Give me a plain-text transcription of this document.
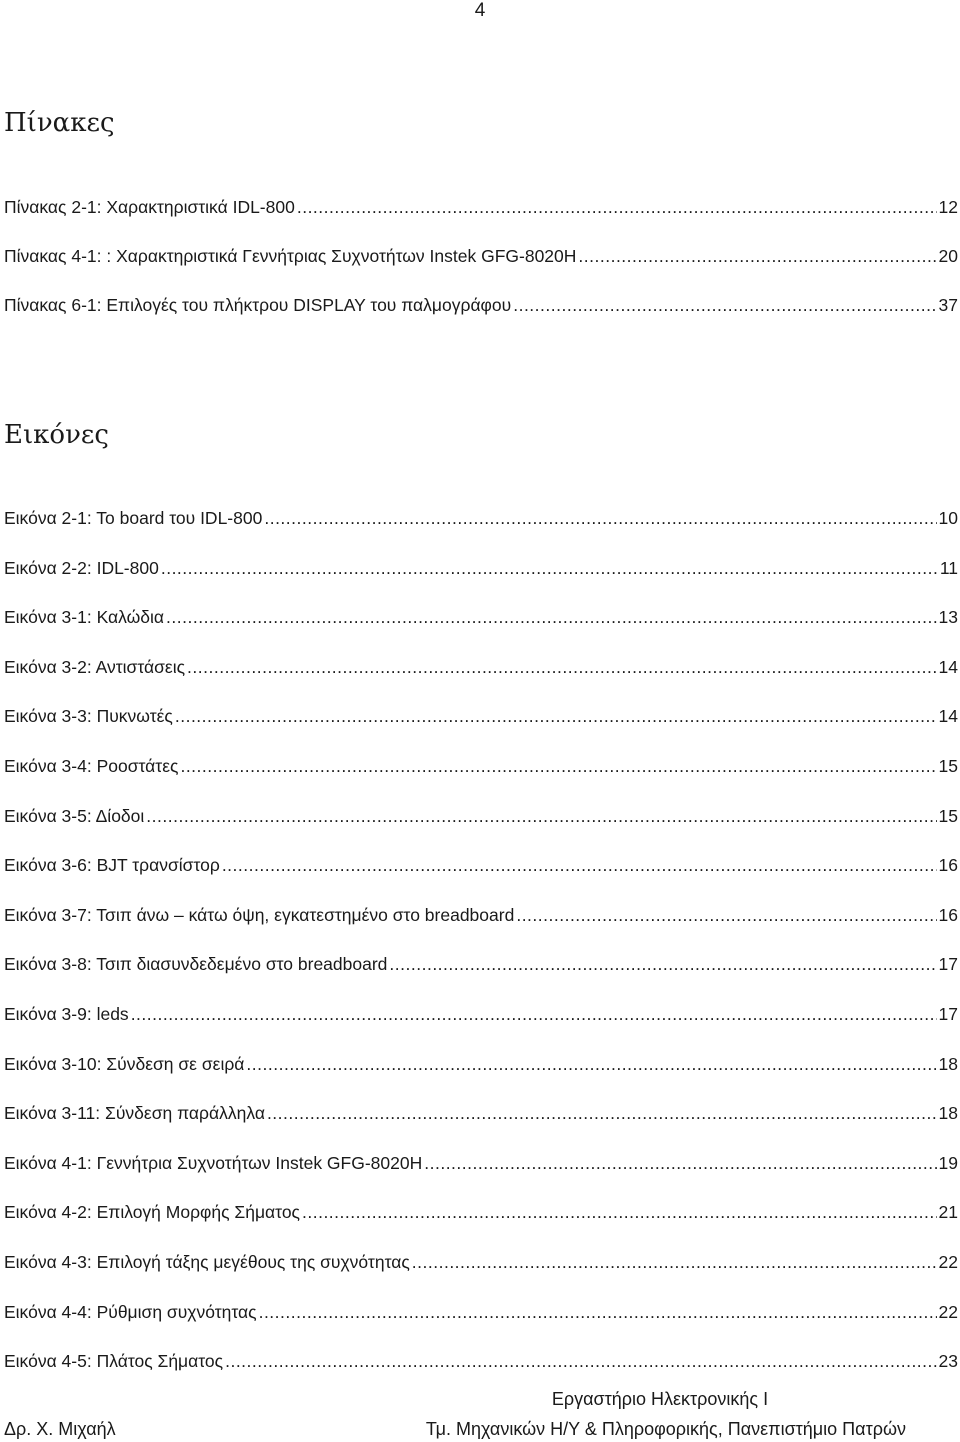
4
Πίνακες
Πίνακας 2-1: Χαρακτηριστικά IDL-800 .....	12
Πίνακας 4-1: : Χαρακτηριστικά Γεννήτριας Συχνοτήτων Instek GFG-8020H .....	20
Πίνακας 6-1: Επιλογές του πλήκτρου DISPLAY του παλμογράφου .....	37
Εικόνες
Εικόνα 2-1: Το board του IDL-800 .....	10
Εικόνα 2-2: IDL-800 .....	11
Εικόνα 3-1: Καλώδια .....	13
Εικόνα 3-2: Αντιστάσεις .....	14
Εικόνα 3-3: Πυκνωτές .....	14
Εικόνα 3-4: Ροοστάτες .....	15
Εικόνα 3-5: Δίοδοι .....	15
Εικόνα 3-6: BJT τρανσίστορ .....	16
Εικόνα 3-7: Τσιπ άνω – κάτω όψη, εγκατεστημένο στο breadboard .....	16
Εικόνα 3-8: Τσιπ διασυνδεδεμένο στο breadboard .....	17
Εικόνα 3-9: leds .....	17
Εικόνα 3-10: Σύνδεση σε σειρά .....	18
Εικόνα 3-11: Σύνδεση παράλληλα .....	18
Εικόνα 4-1: Γεννήτρια Συχνοτήτων Instek GFG-8020H .....	19
Εικόνα 4-2: Επιλογή Μορφής Σήματος .....	21
Εικόνα 4-3: Επιλογή τάξης μεγέθους της συχνότητας .....	22
Εικόνα 4-4: Ρύθμιση συχνότητας .....	22
Εικόνα 4-5: Πλάτος Σήματος .....	23
Εργαστήριο Ηλεκτρονικής Ι
Δρ. Χ. Μιχαήλ	Τμ. Μηχανικών Η/Υ & Πληροφορικής, Πανεπιστήμιο Πατρών
